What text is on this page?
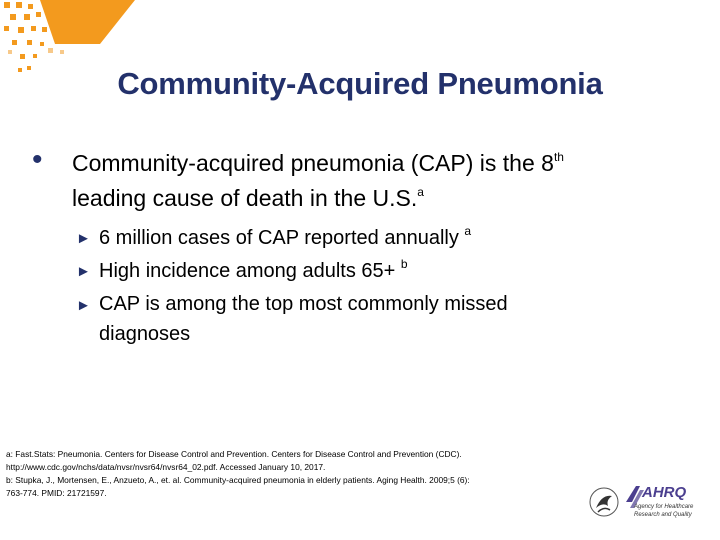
Community-Acquired Pneumonia
• Community-acquired pneumonia (CAP) is the 8th
leading cause of death in the U.S.$^a$
► 6 million cases of CAP reported annually $^a$
► High incidence among adults 65+ $^b$
► CAP is among the top most commonly missed diagnoses
a: Fast.Stats: Pneumonia. Centers for Disease Control and Prevention. Centers for Disease Control and Prevention (CDC).
http://www.cdc.gov/nchs/data/nvsr/nvsr64/nvsr64_02.pdf. Accessed January 10, 2017.
b: Stupka, J., Mortensen, E., Anzueto, A., et. al. Community-acquired pneumonia in elderly patients. Aging Health. 2009;5 (6):
763-774. PMID: 21721597.	AHRQ
Agency for Healthcare
Research and Quality
